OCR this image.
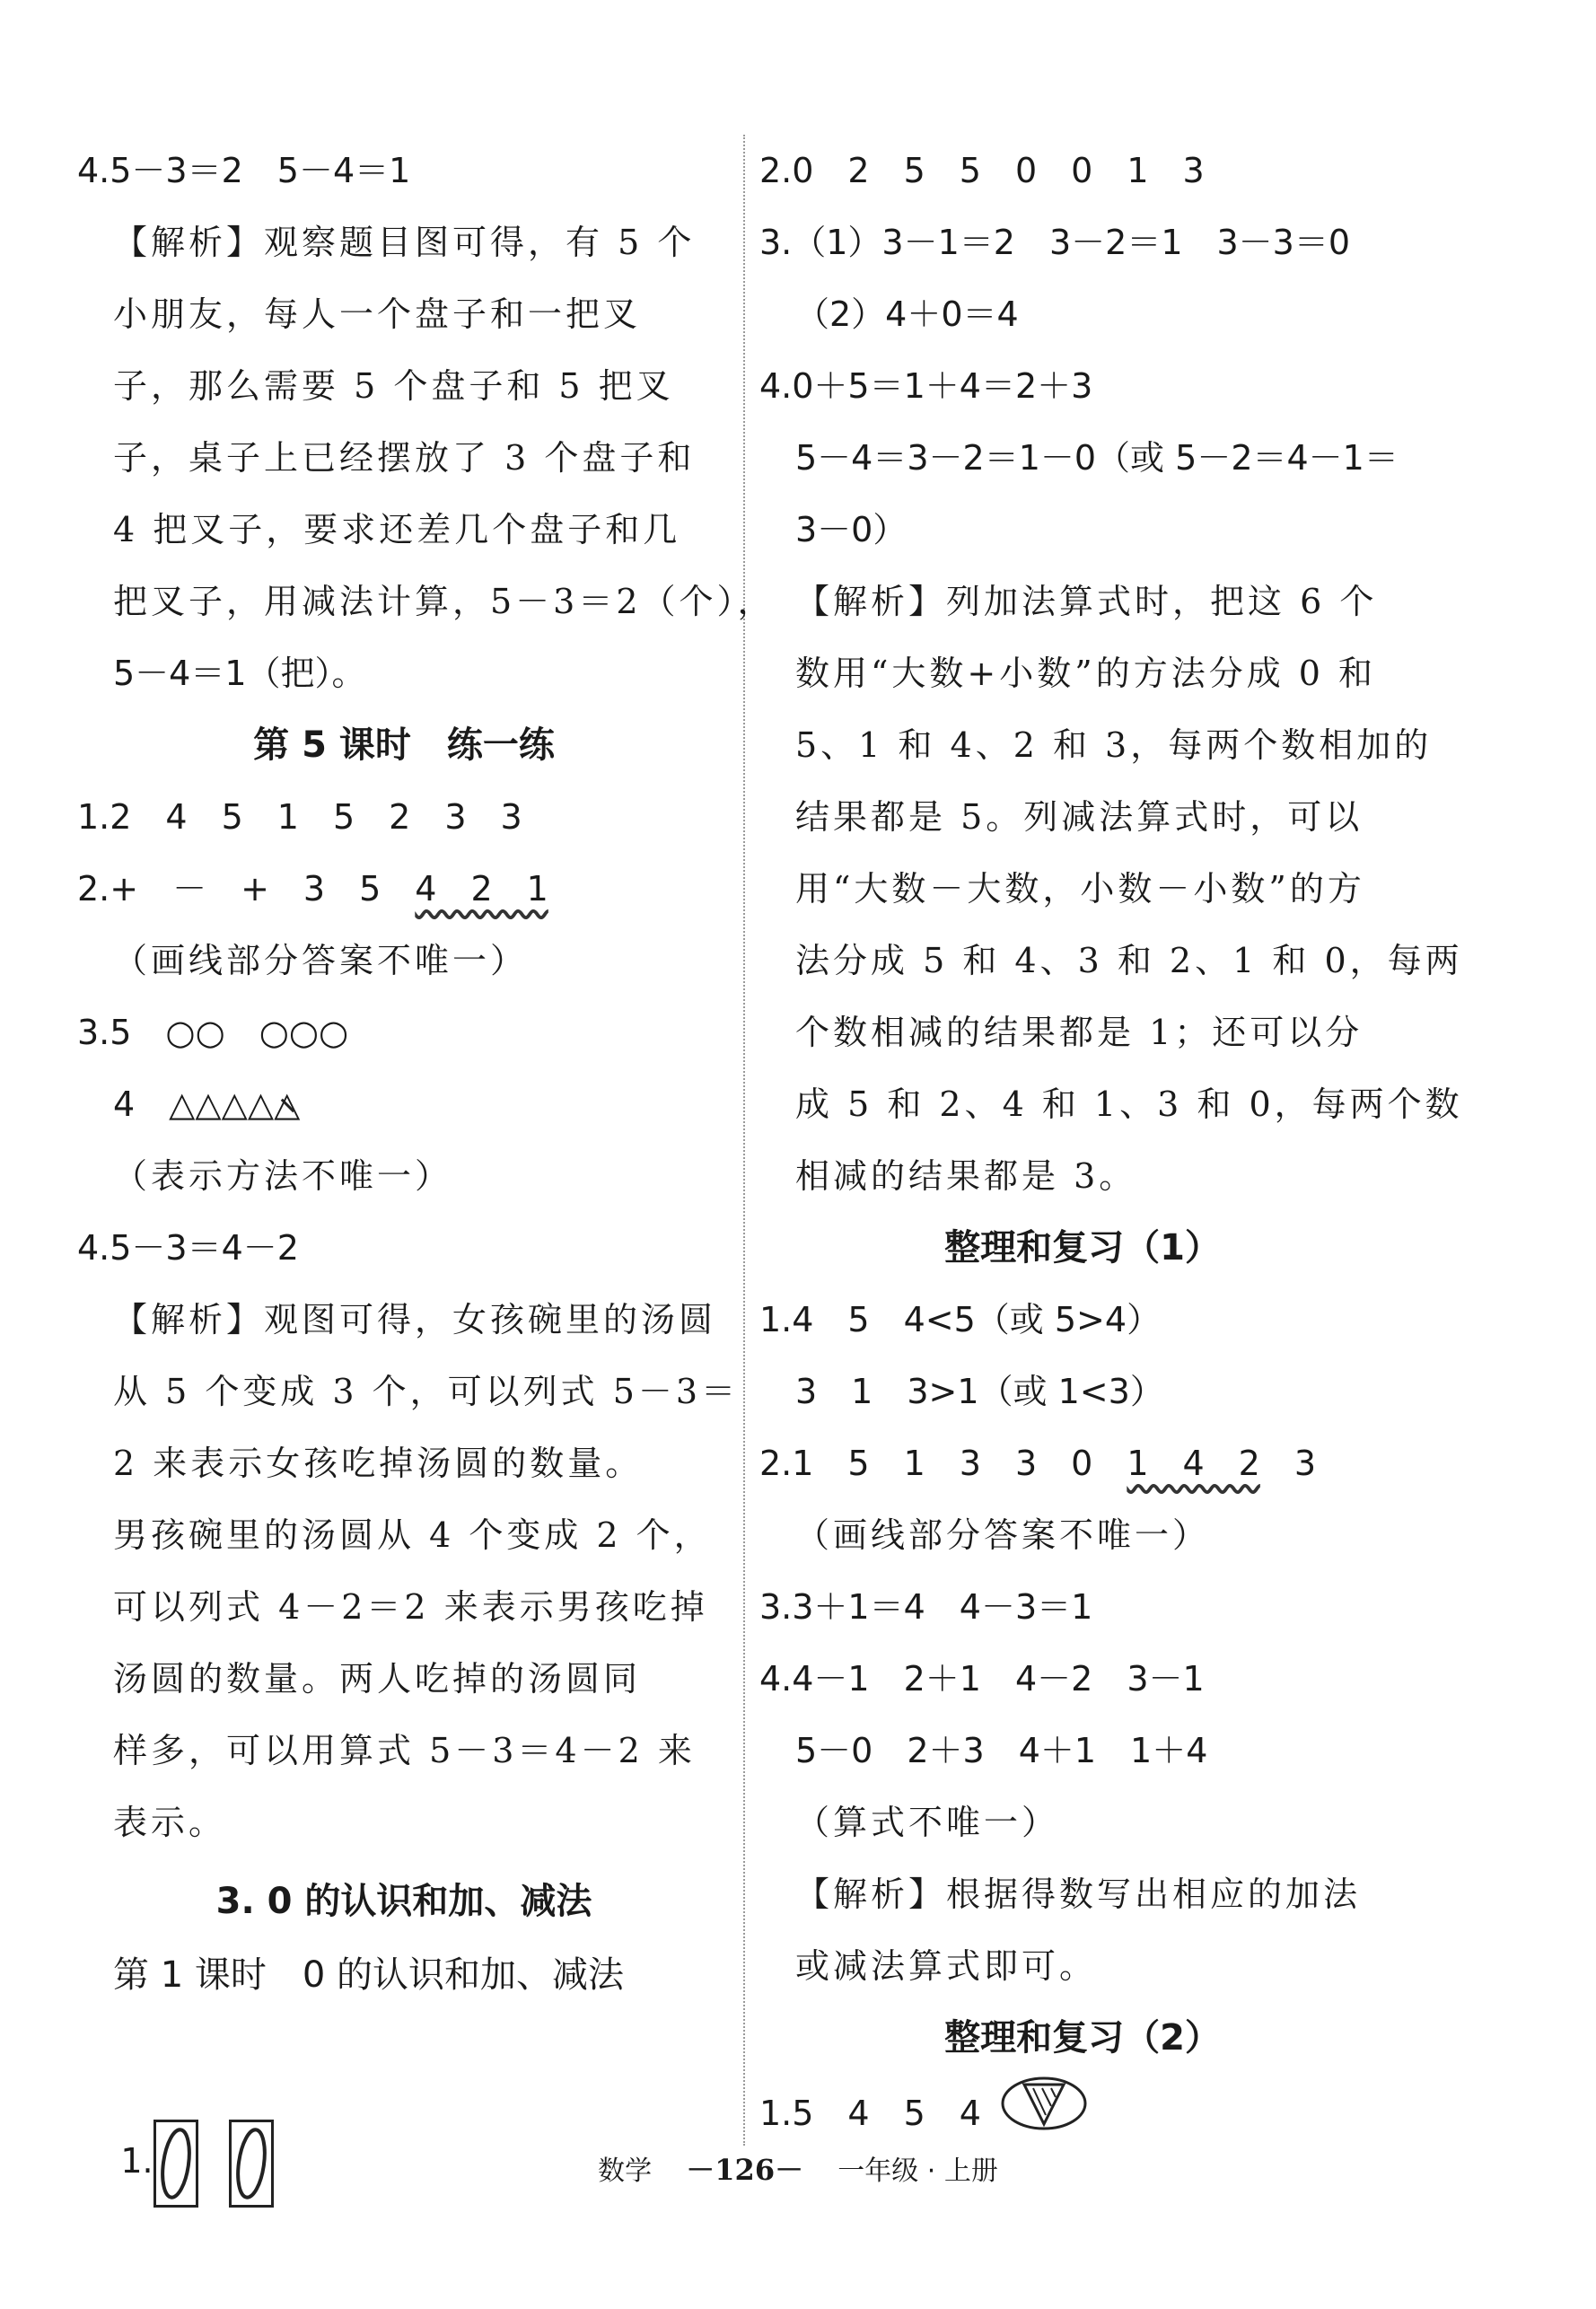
4.5－3＝2　5－4＝1
【解析】观察题目图可得，有 5 个
小朋友，每人一个盘子和一把叉
子，那么需要 5 个盘子和 5 把叉
子，桌子上已经摆放了 3 个盘子和
4 把叉子，要求还差几个盘子和几
把叉子，用减法计算，5－3＝2（个），
5－4＝1（把）。
第 5 课时　练一练
1.2　4　5　1　5　2　3　3
2.+　－　+　3　5　4　2　1
（画线部分答案不唯一）
3.5　○○　○○○
4　△△△△△
（表示方法不唯一）
4.5－3＝4－2
【解析】观图可得，女孩碗里的汤圆
从 5 个变成 3 个，可以列式 5－3＝
2 来表示女孩吃掉汤圆的数量。
男孩碗里的汤圆从 4 个变成 2 个，
可以列式 4－2＝2 来表示男孩吃掉
汤圆的数量。两人吃掉的汤圆同
样多，可以用算式 5－3＝4－2 来
表示。
3. 0 的认识和加、减法
第 1 课时　0 的认识和加、减法

1.

2.0　2　5　5　0　0　1　3
3.（1）3－1＝2　3－2＝1　3－3＝0
（2）4＋0＝4
4.0＋5＝1＋4＝2＋3
5－4＝3－2＝1－0（或 5－2＝4－1＝
3－0）
【解析】列加法算式时，把这 6 个
数用“大数+小数”的方法分成 0 和
5、1 和 4、2 和 3，每两个数相加的
结果都是 5。列减法算式时，可以
用“大数－大数，小数－小数”的方
法分成 5 和 4、3 和 2、1 和 0，每两
个数相减的结果都是 1；还可以分
成 5 和 2、4 和 1、3 和 0，每两个数
相减的结果都是 3。
整理和复习（1）
1.4　5　4<5（或 5>4）
3　1　3>1（或 1<3）
2.1　5　1　3　3　0　1　4　2　3
（画线部分答案不唯一）
3.3＋1＝4　4－3＝1
4.4－1　2＋1　4－2　3－1
5－0　2＋3　4＋1　1＋4
（算式不唯一）
【解析】根据得数写出相应的加法
或减法算式即可。
整理和复习（2）
1.5　4　5　4
数学 －126－ 一年级 · 上册
